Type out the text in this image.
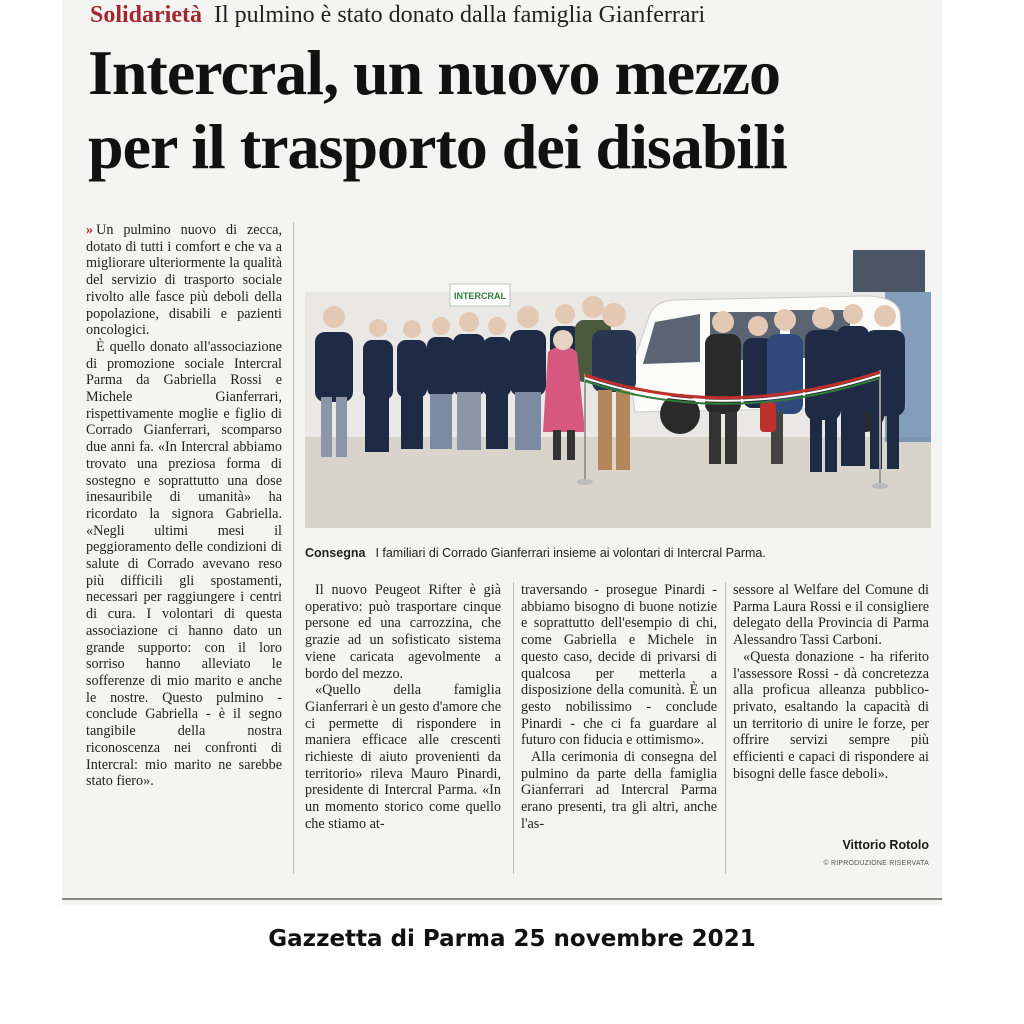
Solidarietà Il pulmino è stato donato dalla famiglia Gianferrari
Intercral, un nuovo mezzo
per il trasporto dei disabili

» Un pulmino nuovo di zecca, dotato di tutti i comfort e che va a migliorare ulteriormente la qualità del servizio di trasporto sociale rivolto alle fasce più deboli della popolazione, disabili e pazienti oncologici.

È quello donato all'associazione di promozione sociale Intercral Parma da Gabriella Rossi e Michele Gianferrari, rispettivamente moglie e figlio di Corrado Gianferrari, scomparso due anni fa. «In Intercral abbiamo trovato una preziosa forma di sostegno e soprattutto una dose inesauribile di umanità» ha ricordato la signora Gabriella. «Negli ultimi mesi il peggioramento delle condizioni di salute di Corrado avevano reso più difficili gli spostamenti, necessari per raggiungere i centri di cura. I volontari di questa associazione ci hanno dato un grande supporto: con il loro sorriso hanno alleviato le sofferenze di mio marito e anche le nostre. Questo pulmino - conclude Gabriella - è il segno tangibile della nostra riconoscenza nei confronti di Intercral: mio marito ne sarebbe stato fiero».

INTERCRAL
Consegna I familiari di Corrado Gianferrari insieme ai volontari di Intercral Parma.

Il nuovo Peugeot Rifter è già operativo: può trasportare cinque persone ed una carrozzina, che grazie ad un sofisticato sistema viene caricata agevolmente a bordo del mezzo.

«Quello della famiglia Gianferrari è un gesto d'amore che ci permette di rispondere in maniera efficace alle crescenti richieste di aiuto provenienti da territorio» rileva Mauro Pinardi, presidente di Intercral Parma. «In un momento storico come quello che stiamo at-

traversando - prosegue Pinardi - abbiamo bisogno di buone notizie e soprattutto dell'esempio di chi, come Gabriella e Michele in questo caso, decide di privarsi di qualcosa per metterla a disposizione della comunità. È un gesto nobilissimo - conclude Pinardi - che ci fa guardare al futuro con fiducia e ottimismo».

Alla cerimonia di consegna del pulmino da parte della famiglia Gianferrari ad Intercral Parma erano presenti, tra gli altri, anche l'as-

sessore al Welfare del Comune di Parma Laura Rossi e il consigliere delegato della Provincia di Parma Alessandro Tassi Carboni.

«Questa donazione - ha riferito l'assessore Rossi - dà concretezza alla proficua alleanza pubblico-privato, esaltando la capacità di un territorio di unire le forze, per offrire servizi sempre più efficienti e capaci di rispondere ai bisogni delle fasce deboli».

Vittorio Rotolo
© RIPRODUZIONE RISERVATA
Gazzetta di Parma 25 novembre 2021
